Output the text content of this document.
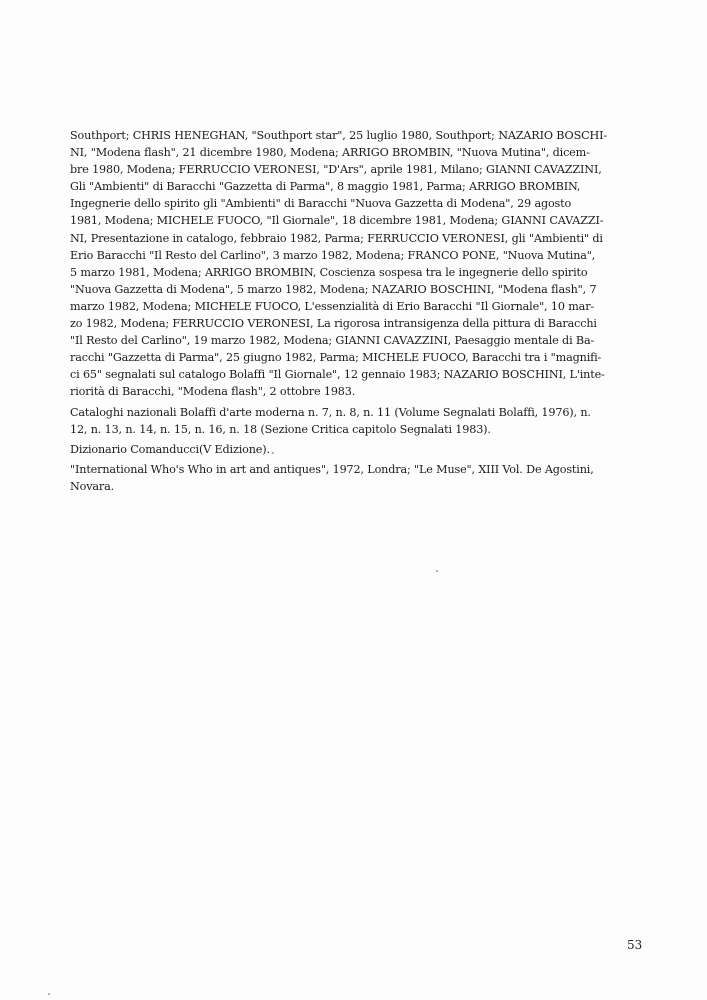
Southport; CHRIS HENEGHAN, "Southport star", 25 luglio 1980, Southport; NAZARIO BOSCHI-
NI, "Modena flash", 21 dicembre 1980, Modena; ARRIGO BROMBIN, "Nuova Mutina", dicem-
bre 1980, Modena; FERRUCCIO VERONESI, "D'Ars", aprile 1981, Milano; GIANNI CAVAZZINI,
Gli "Ambienti" di Baracchi "Gazzetta di Parma", 8 maggio 1981, Parma; ARRIGO BROMBIN,
Ingegnerie dello spirito gli "Ambienti" di Baracchi "Nuova Gazzetta di Modena", 29 agosto
1981, Modena; MICHELE FUOCO, "Il Giornale", 18 dicembre 1981, Modena; GIANNI CAVAZZI-
NI, Presentazione in catalogo, febbraio 1982, Parma; FERRUCCIO VERONESI, gli "Ambienti" di
Erio Baracchi "Il Resto del Carlino", 3 marzo 1982, Modena; FRANCO PONE, "Nuova Mutina",
5 marzo 1981, Modena; ARRIGO BROMBIN, Coscienza sospesa tra le ingegnerie dello spirito
"Nuova Gazzetta di Modena", 5 marzo 1982, Modena; NAZARIO BOSCHINI, "Modena flash", 7
marzo 1982, Modena; MICHELE FUOCO, L'essenzialità di Erio Baracchi "Il Giornale", 10 mar-
zo 1982, Modena; FERRUCCIO VERONESI, La rigorosa intransigenza della pittura di Baracchi
"Il Resto del Carlino", 19 marzo 1982, Modena; GIANNI CAVAZZINI, Paesaggio mentale di Ba-
racchi "Gazzetta di Parma", 25 giugno 1982, Parma; MICHELE FUOCO, Baracchi tra i "magnifi-
ci 65" segnalati sul catalogo Bolaffi "Il Giornale", 12 gennaio 1983; NAZARIO BOSCHINI, L'inte-
riorità di Baracchi, "Modena flash", 2 ottobre 1983.
Cataloghi nazionali Bolaffi d'arte moderna n. 7, n. 8, n. 11 (Volume Segnalati Bolaffi, 1976), n.
12, n. 13, n. 14, n. 15, n. 16, n. 18 (Sezione Critica capitolo Segnalati 1983).
Dizionario Comanducci(V Edizione).
"International Who's Who in art and antiques", 1972, Londra; "Le Muse", XIII Vol. De Agostini,
Novara.
53
